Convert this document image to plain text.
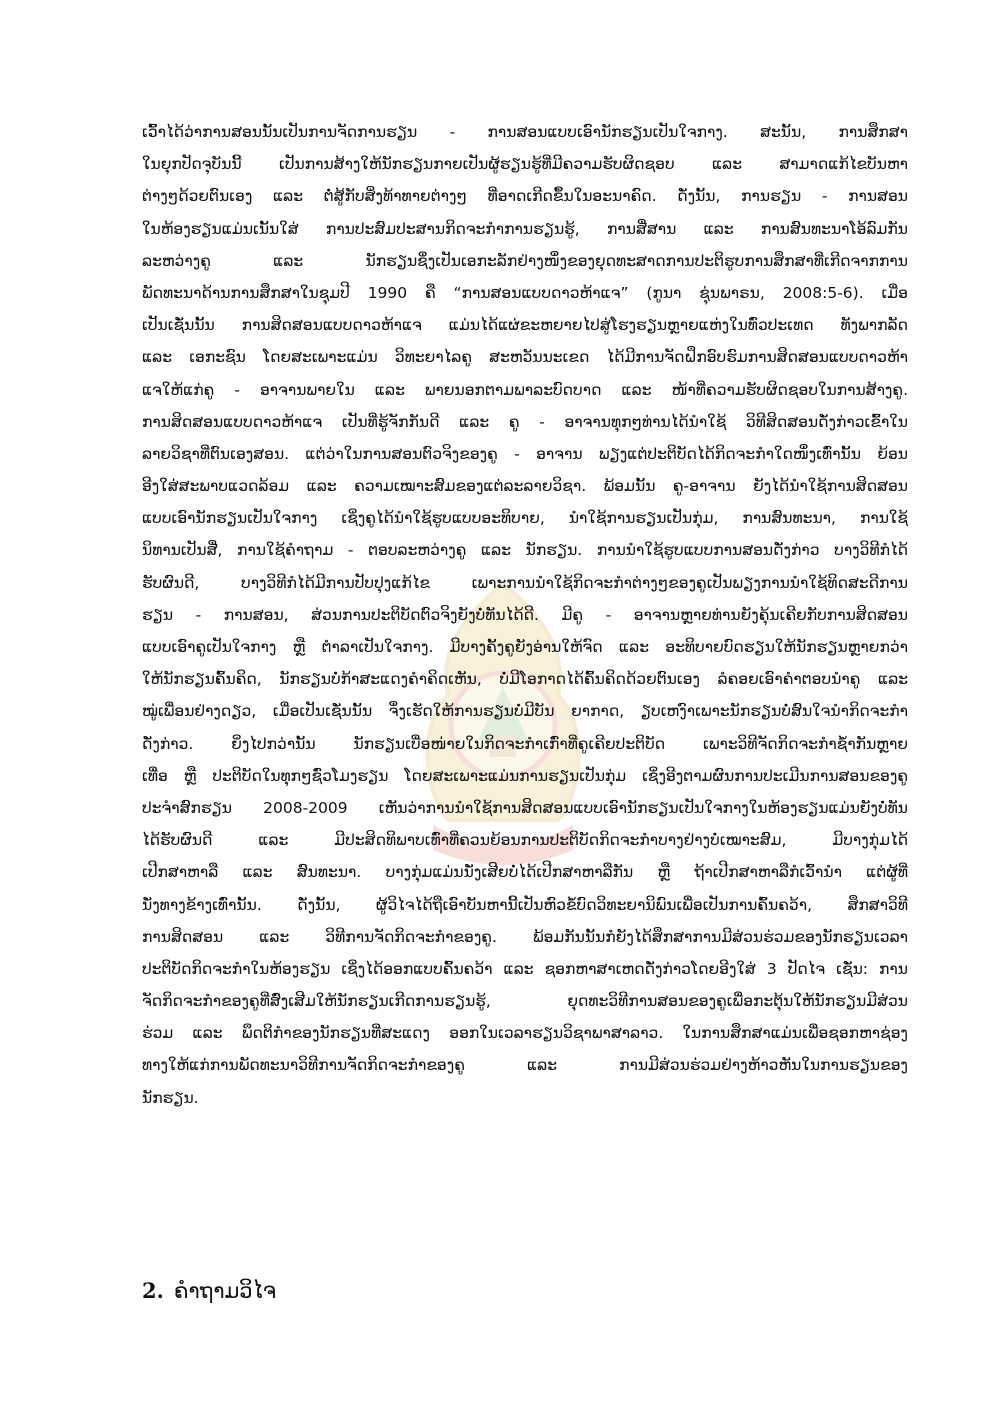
ເວົ້າໄດ້ວ່າການສອນນັ້ນເປັນການຈັດການຮຽນ - ການສອນແບບເອົານັກຮຽນເປັນໃຈກາງ. ສະນັ້ນ, ການສຶກສາ
ໃນຍຸກປັດຈຸບັນນີ້ ເປັນການສ້າງໃຫ້ນັກຮຽນກາຍເປັນຜູ້ຮຽນຮູ້ທີ່ມີຄວາມຮັບຜິດຊອບ ແລະ ສາມາດແກ້ໄຂບັນຫາ
ຕ່າງໆດ້ວຍຕົນເອງ ແລະ ຕໍ່ສູ້ກັບສິ່ງທ້າທາຍຕ່າງໆ ທີ່ອາດເກີດຂຶ້ນໃນອະນາຄົດ. ດັ່ງນັ້ນ, ການຮຽນ - ການສອນ
ໃນຫ້ອງຮຽນແມ່ນເນັ້ນໃສ່ ການປະສົມປະສານກິດຈະກໍາການຮຽນຮູ້, ການສື່ສານ ແລະ ການສົນທະນາໂອ້ລົມກັນ
ລະຫວ່າງຄູ ແລະ ນັກຮຽນຊຶ່ງເປັນເອກະລັກຢ່າງໜຶ່ງຂອງຍຸດທະສາດການປະຕິຮູບການສຶກສາທີ່ເກີດຈາກການ
ພັດທະນາດ້ານການສຶກສາໃນຊຸມປີ 1990 ຄື “ການສອນແບບດາວຫ້າແຈ” (ກູນາ ຊຸ່ນພາຣນ, 2008:5-6). ເມື່ອ
ເປັນເຊັ່ນນັ້ນ ການສິດສອນແບບດາວຫ້າແຈ ແມ່ນໄດ້ແຜ່ຂະຫຍາຍໄປສູ່ໂຮງຮຽນຫຼາຍແຫ່ງໃນທົ່ວປະເທດ ທັງພາກລັດ
ແລະ ເອກະຊົນ ໂດຍສະເພາະແມ່ນ ວິທະຍາໄລຄູ ສະຫວັນນະເຂດ ໄດ້ມີການຈັດຝຶກອົບຮົມການສິດສອນແບບດາວຫ້າ
ແຈໃຫ້ແກ່ຄູ - ອາຈານພາຍໃນ ແລະ ພາຍນອກຕາມພາລະບົດບາດ ແລະ ໜ້າທີ່ຄວາມຮັບຜິດຊອບໃນການສ້າງຄູ.
ການສິດສອນແບບດາວຫ້າແຈ ເປັນທີ່ຮູ້ຈັກກັນດີ ແລະ ຄູ - ອາຈານທຸກໆທ່ານໄດ້ນໍາໃຊ້ ວິທີສິດສອນດັ່ງກ່າວເຂົ້າໃນ
ລາຍວິຊາທີ່ຕົນເອງສອນ. ແຕ່ວ່າໃນການສອນຕົວຈິງຂອງຄູ - ອາຈານ ພຽງແຕ່ປະຕິບັດໄດ້ກິດຈະກໍາໃດໜຶ່ງເທົ່ານັ້ນ ຍ້ອນ
ອີງໃສ່ສະພາບແວດລ້ອມ ແລະ ຄວາມເໝາະສົມຂອງແຕ່ລະລາຍວິຊາ. ພ້ອມນັ້ນ ຄູ-ອາຈານ ຍັງໄດ້ນໍາໃຊ້ການສິດສອນ
ແບບເອົານັກຮຽນເປັນໃຈກາງ ເຊິ່ງຄູໄດ້ນໍາໃຊ້ຮູບແບບອະທິບາຍ, ນໍາໃຊ້ການຮຽນເປັນກຸ່ມ, ການສົນທະນາ, ການໃຊ້
ນິທານເປັນສື່, ການໃຊ້ຄໍາຖາມ - ຕອບລະຫວ່າງຄູ ແລະ ນັກຮຽນ. ການນໍາໃຊ້ຮູບແບບການສອນດັ່ງກ່າວ ບາງວິທີກໍໄດ້
ຮັບຜົນດີ, ບາງວິທີກໍໄດ້ມີການປັບປຸງແກ້ໄຂ ເພາະການນໍາໃຊ້ກິດຈະກໍາຕ່າງໆຂອງຄູເປັນພຽງການນໍາໃຊ້ທິດສະດີການ
ຮຽນ - ການສອນ, ສ່ວນການປະຕິບັດຕົວຈິງຍັງບໍ່ທັນໄດ້ດີ. ມີຄູ - ອາຈານຫຼາຍທ່ານຍັງຄຸ້ນເຄີຍກັບການສິດສອນ
ແບບເອົາຄູເປັນໃຈກາງ ຫຼື ຕໍາລາເປັນໃຈກາງ. ມີບາງຄັ້ງຄູຍັງອ່ານໃຫ້ຈົດ ແລະ ອະທິບາຍບົດຮຽນໃຫ້ນັກຮຽນຫຼາຍກວ່າ
ໃຫ້ນັກຮຽນຄົ້ນຄິດ, ນັກຮຽນບໍ່ກ້າສະແດງຄໍາຄິດເຫັນ, ບໍ່ມີໂອກາດໄດ້ຄົ້ນຄິດດ້ວຍຕົນເອງ ລໍຄອຍເອົາຄໍາຕອບນໍາຄູ ແລະ
ໝູ່ເພື່ອນຢ່າງດຽວ, ເມື່ອເປັນເຊັ່ນນັ້ນ ຈຶ່ງເຮັດໃຫ້ການຮຽນບໍ່ມີບັນ ຍາກາດ, ຽບເຫງົາເພາະນັກຮຽນບໍ່ສົນໃຈນໍາກິດຈະກໍາ
ດັ່ງກ່າວ. ຍິ່ງໄປກວ່ານັ້ນ ນັກຮຽນເບື່ອໜ່າຍໃນກິດຈະກໍາເກົ່າທີ່ຄູເຄີຍປະຕິບັດ ເພາະວິທີຈັດກິດຈະກໍາຊໍ້າກັນຫຼາຍ
ເທື່ອ ຫຼື ປະຕິບັດໃນທຸກໆຊົ່ວໂມງຮຽນ ໂດຍສະເພາະແມ່ນການຮຽນເປັນກຸ່ມ ເຊິ່ງອີງຕາມຜົນການປະເມີນການສອນຂອງຄູ
ປະຈໍາສົກຮຽນ 2008-2009 ເຫັນວ່າການນໍາໃຊ້ການສິດສອນແບບເອົານັກຮຽນເປັນໃຈກາງໃນຫ້ອງຮຽນແມ່ນຍັງບໍ່ທັນ
ໄດ້ຮັບຜົນດີ ແລະ ມີປະສິດທິພາບເທົ່າທີ່ຄວນຍ້ອນການປະຕິບັດກິດຈະກໍາບາງຢ່າງບໍ່ເໝາະສົມ, ມີບາງກຸ່ມໄດ້
ເປີກສາຫາລື ແລະ ສົນທະນາ. ບາງກຸ່ມແມ່ນນັ່ງເສີຍບໍ່ໄດ້ເປີກສາຫາລືກັນ ຫຼື ຖ້າເປີກສາຫາລືກໍເວົ້ານໍາ ແຕ່ຜູ້ທີ່
ນັ່ງທາງຂ້າງເທົ່ານັ້ນ. ດັ່ງນັ້ນ, ຜູ້ວິໄຈໄດ້ຖືເອົາບັນຫານີ້ເປັນຫົວຂໍ້ບົດວິທະຍານິພົນເພື່ອເປັນການຄົ້ນຄວ້າ, ສຶກສາວິທີ
ການສິດສອນ ແລະ ວິທີການຈັດກິດຈະກໍາຂອງຄູ. ພ້ອມກັນນັ້ນກໍຍັງໄດ້ສຶກສາການມີສ່ວນຮ່ວມຂອງນັກຮຽນເວລາ
ປະຕິບັດກິດຈະກໍາໃນຫ້ອງຮຽນ ເຊິ່ງໄດ້ອອກແບບຄົ້ນຄວ້າ ແລະ ຊອກຫາສາເຫດດັ່ງກ່າວໂດຍອີງໃສ່ 3 ປັດໄຈ ເຊັ່ນ: ການ
ຈັດກິດຈະກໍາຂອງຄູທີ່ສົ່ງເສີມໃຫ້ນັກຮຽນເກີດການຮຽນຮູ້, ຍຸດທະວິທີການສອນຂອງຄູເພື່ອກະຕຸ້ນໃຫ້ນັກຮຽນມີສ່ວນ
ຮ່ວມ ແລະ ພຶດຕິກໍາຂອງນັກຮຽນທີ່ສະແດງ ອອກໃນເວລາຮຽນວິຊາພາສາລາວ. ໃນການສຶກສາແມ່ນເພື່ອຊອກຫາຊ່ອງ
ທາງໃຫ້ແກ່ການພັດທະນາວິທີການຈັດກິດຈະກໍາຂອງຄູ ແລະ ການມີສ່ວນຮ່ວມຢ່າງຫ້າວຫັນໃນການຮຽນຂອງ
ນັກຮຽນ.
2. ຄໍາຖາມວິໄຈ
